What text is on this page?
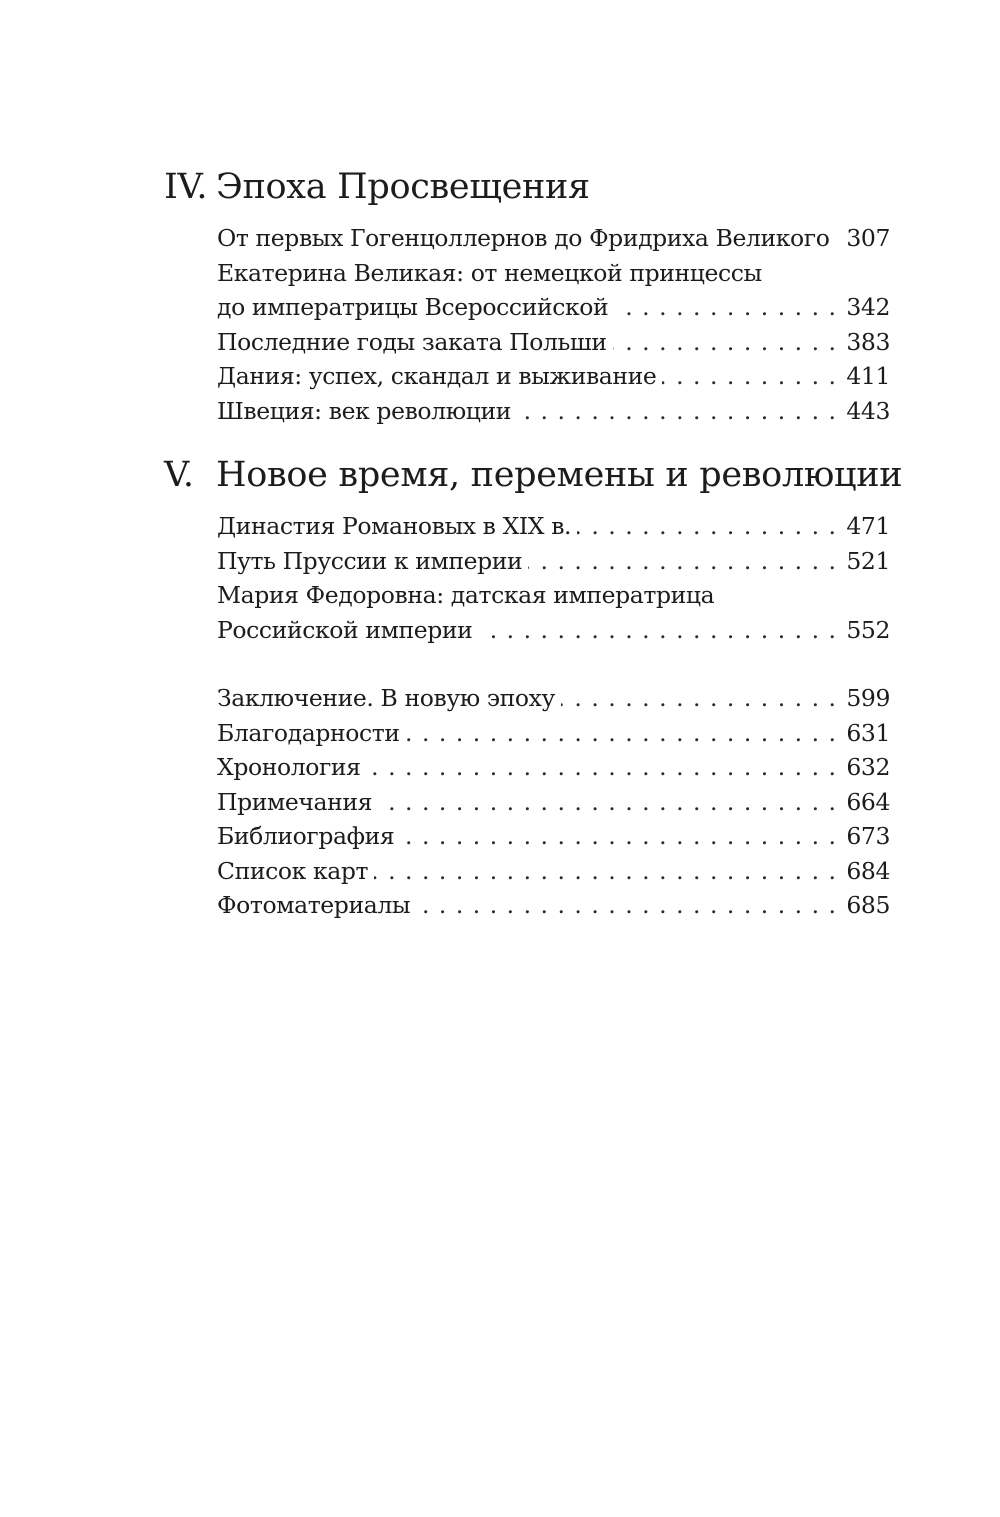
IV. Эпоха Просвещения
От первых Гогенцоллернов до Фридриха Великого . . . 307
Екатерина Великая: от немецкой принцессы
до императрицы Всероссийской . . .	342
Последние годы заката Польши . . .	383
Дания: успех, скандал и выживание . . .	411
Швеция: век революции . . .	443
V. Новое время, перемены и революции
Династия Романовых в XIX в. . . .	471
Путь Пруссии к империи . . .	521
Мария Федоровна: датская императрица
Российской империи . . .	552
Заключение. В новую эпоху . . .	599
Благодарности . . .	631
Хронология . . .	632
Примечания . . .	664
Библиография . . .	673
Список карт . . .	684
Фотоматериалы . . .	685
